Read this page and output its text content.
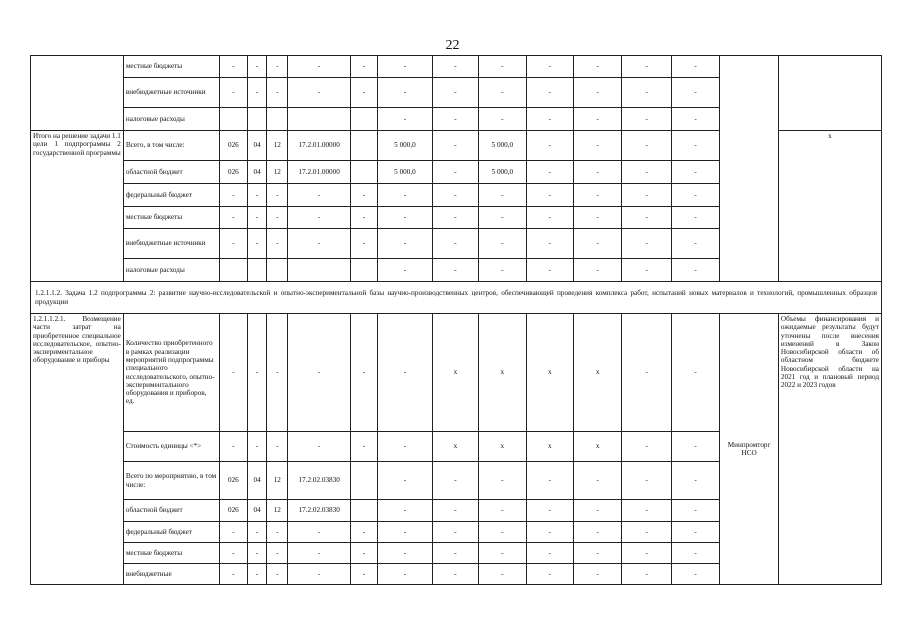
22
	местные бюджеты	-	-	-	-	-	-	-	-	-	-	-	-		
	внебюджетные источники	-	-	-	-	-	-	-	-	-	-	-	-		
	налоговые расходы						-	-	-	-	-	-	-		
Итого на решение задачи 1.1 цели 1 подпрограммы 2 государственной программы	Всего, в том числе:	026	04	12	17.2.01.00000		5 000,0	-	5 000,0	-	-	-	-		х
	областной бюджет	026	04	12	17.2.01.00000		5 000,0	-	5 000,0	-	-	-	-		
	федеральный бюджет	-	-	-	-	-	-	-	-	-	-	-	-		
	местные бюджеты	-	-	-	-	-	-	-	-	-	-	-	-		
	внебюджетные источники	-	-	-	-	-	-	-	-	-	-	-	-		
	налоговые расходы						-	-	-	-	-	-	-		
1.2.1.1.2. Задача 1.2 подпрограммы 2: развитие научно-исследовательской и опытно-экспериментальной базы научно-производственных центров, обеспечивающей проведения комплекса работ, испытаний новых материалов и технологий, промышленных образцов продукции															
1.2.1.1.2.1. Возмещение части затрат на приобретенное специальное исследовательское, опытно-экспериментальное оборудование и приборы	Количество приобретенного в рамках реализации мероприятий подпрограммы специального исследовательского, опытно-экспериментального оборудования и приборов, ед.	-	-	-	-	-	-	х	х	х	х	-	-	Минпромторг НСО	Объемы финансирования и ожидаемые результаты будут уточнены после внесения изменений в Закон Новосибирской области об областном бюджете Новосибирской области на 2021 год и плановый период 2022 и 2023 годов
	Стоимость единицы <*>	-	-	-	-	-	-	х	х	х	х	-	-		
	Всего по мероприятию, в том числе:	026	04	12	17.2.02.03830		-	-	-	-	-	-	-		
	областной бюджет	026	04	12	17.2.02.03830		-	-	-	-	-	-	-		
	федеральный бюджет	-	-	-	-	-	-	-	-	-	-	-	-		
	местные бюджеты	-	-	-	-	-	-	-	-	-	-	-	-		
	внебюджетные	-	-	-	-	-	-	-	-	-	-	-	-		
